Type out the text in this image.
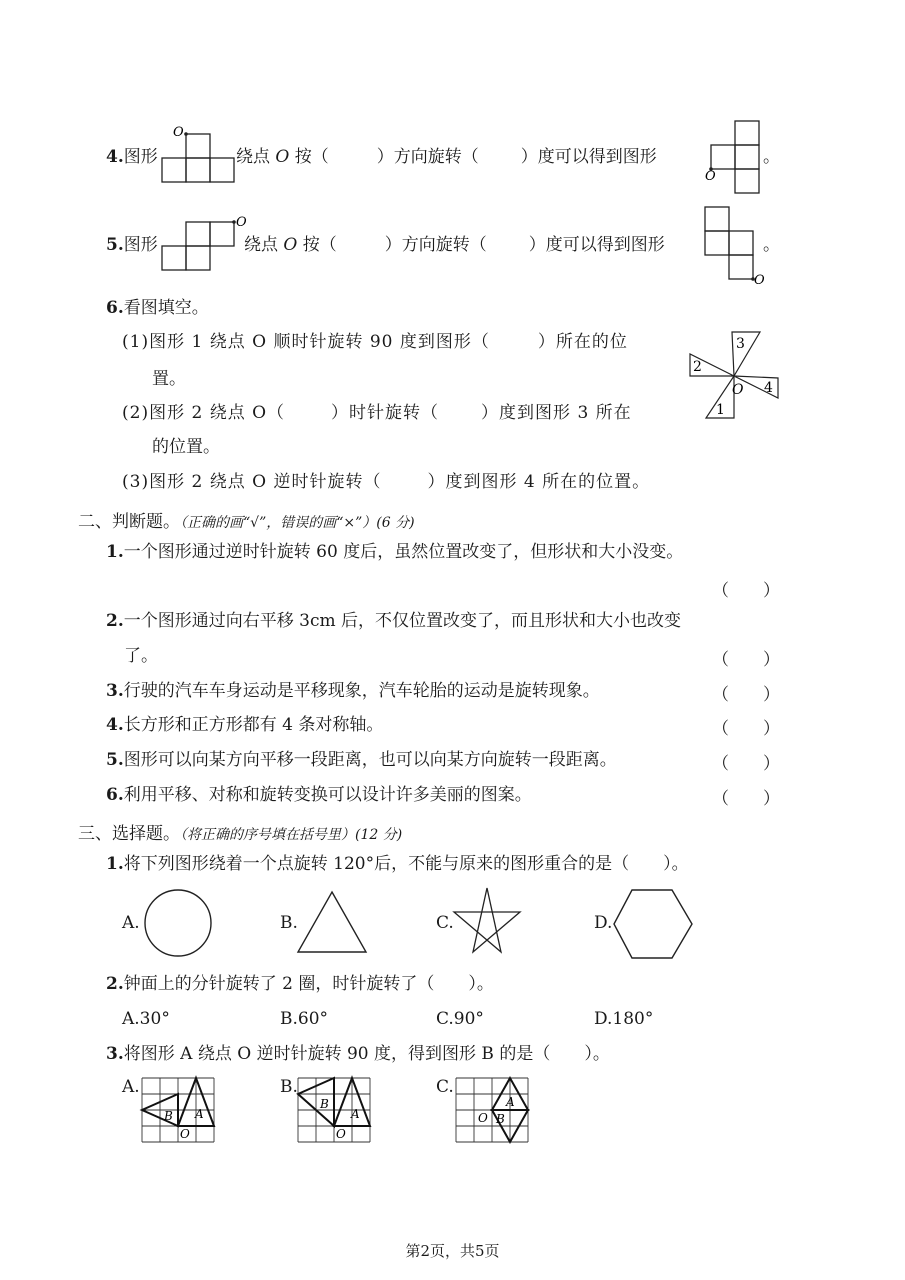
4.图形
O
绕点 O 按（	）方向旋转（ ）度可以得到图形
O
。
5.图形
O
绕点 O 按（	）方向旋转（ ）度可以得到图形
O
。
6.看图填空。
(1)图形 1 绕点 O 顺时针旋转 90 度到图形（	）所在的位
置。
(2)图形 2 绕点 O（	）时针旋转（ ）度到图形 3 所在
的位置。
(3)图形 2 绕点 O 逆时针旋转（	）度到图形 4 所在的位置。
3
2
4
1
O
二、判断题。（正确的画“√”，错误的画“×”）(6 分)
1.一个图形通过逆时针旋转 60 度后，虽然位置改变了，但形状和大小没变。
（　　）
2.一个图形通过向右平移 3cm 后，不仅位置改变了，而且形状和大小也改变
了。	（　　）
3.行驶的汽车车身运动是平移现象，汽车轮胎的运动是旋转现象。	（　　）
4.长方形和正方形都有 4 条对称轴。	（　　）
5.图形可以向某方向平移一段距离，也可以向某方向旋转一段距离。	（　　）
6.利用平移、对称和旋转变换可以设计许多美丽的图案。	（　　）
三、选择题。（将正确的序号填在括号里）(12 分)
1.将下列图形绕着一个点旋转 120°后，不能与原来的图形重合的是（　　）。
A.	B.	C.	D.
2.钟面上的分针旋转了 2 圈，时针旋转了（　　）。
A.30°	B.60°	C.90°	D.180°
3.将图形 A 绕点 O 逆时针旋转 90 度，得到图形 B 的是（　　）。
A.
A
B
O
B.
A
B
O
C.
A
B
O
第2页，共5页
